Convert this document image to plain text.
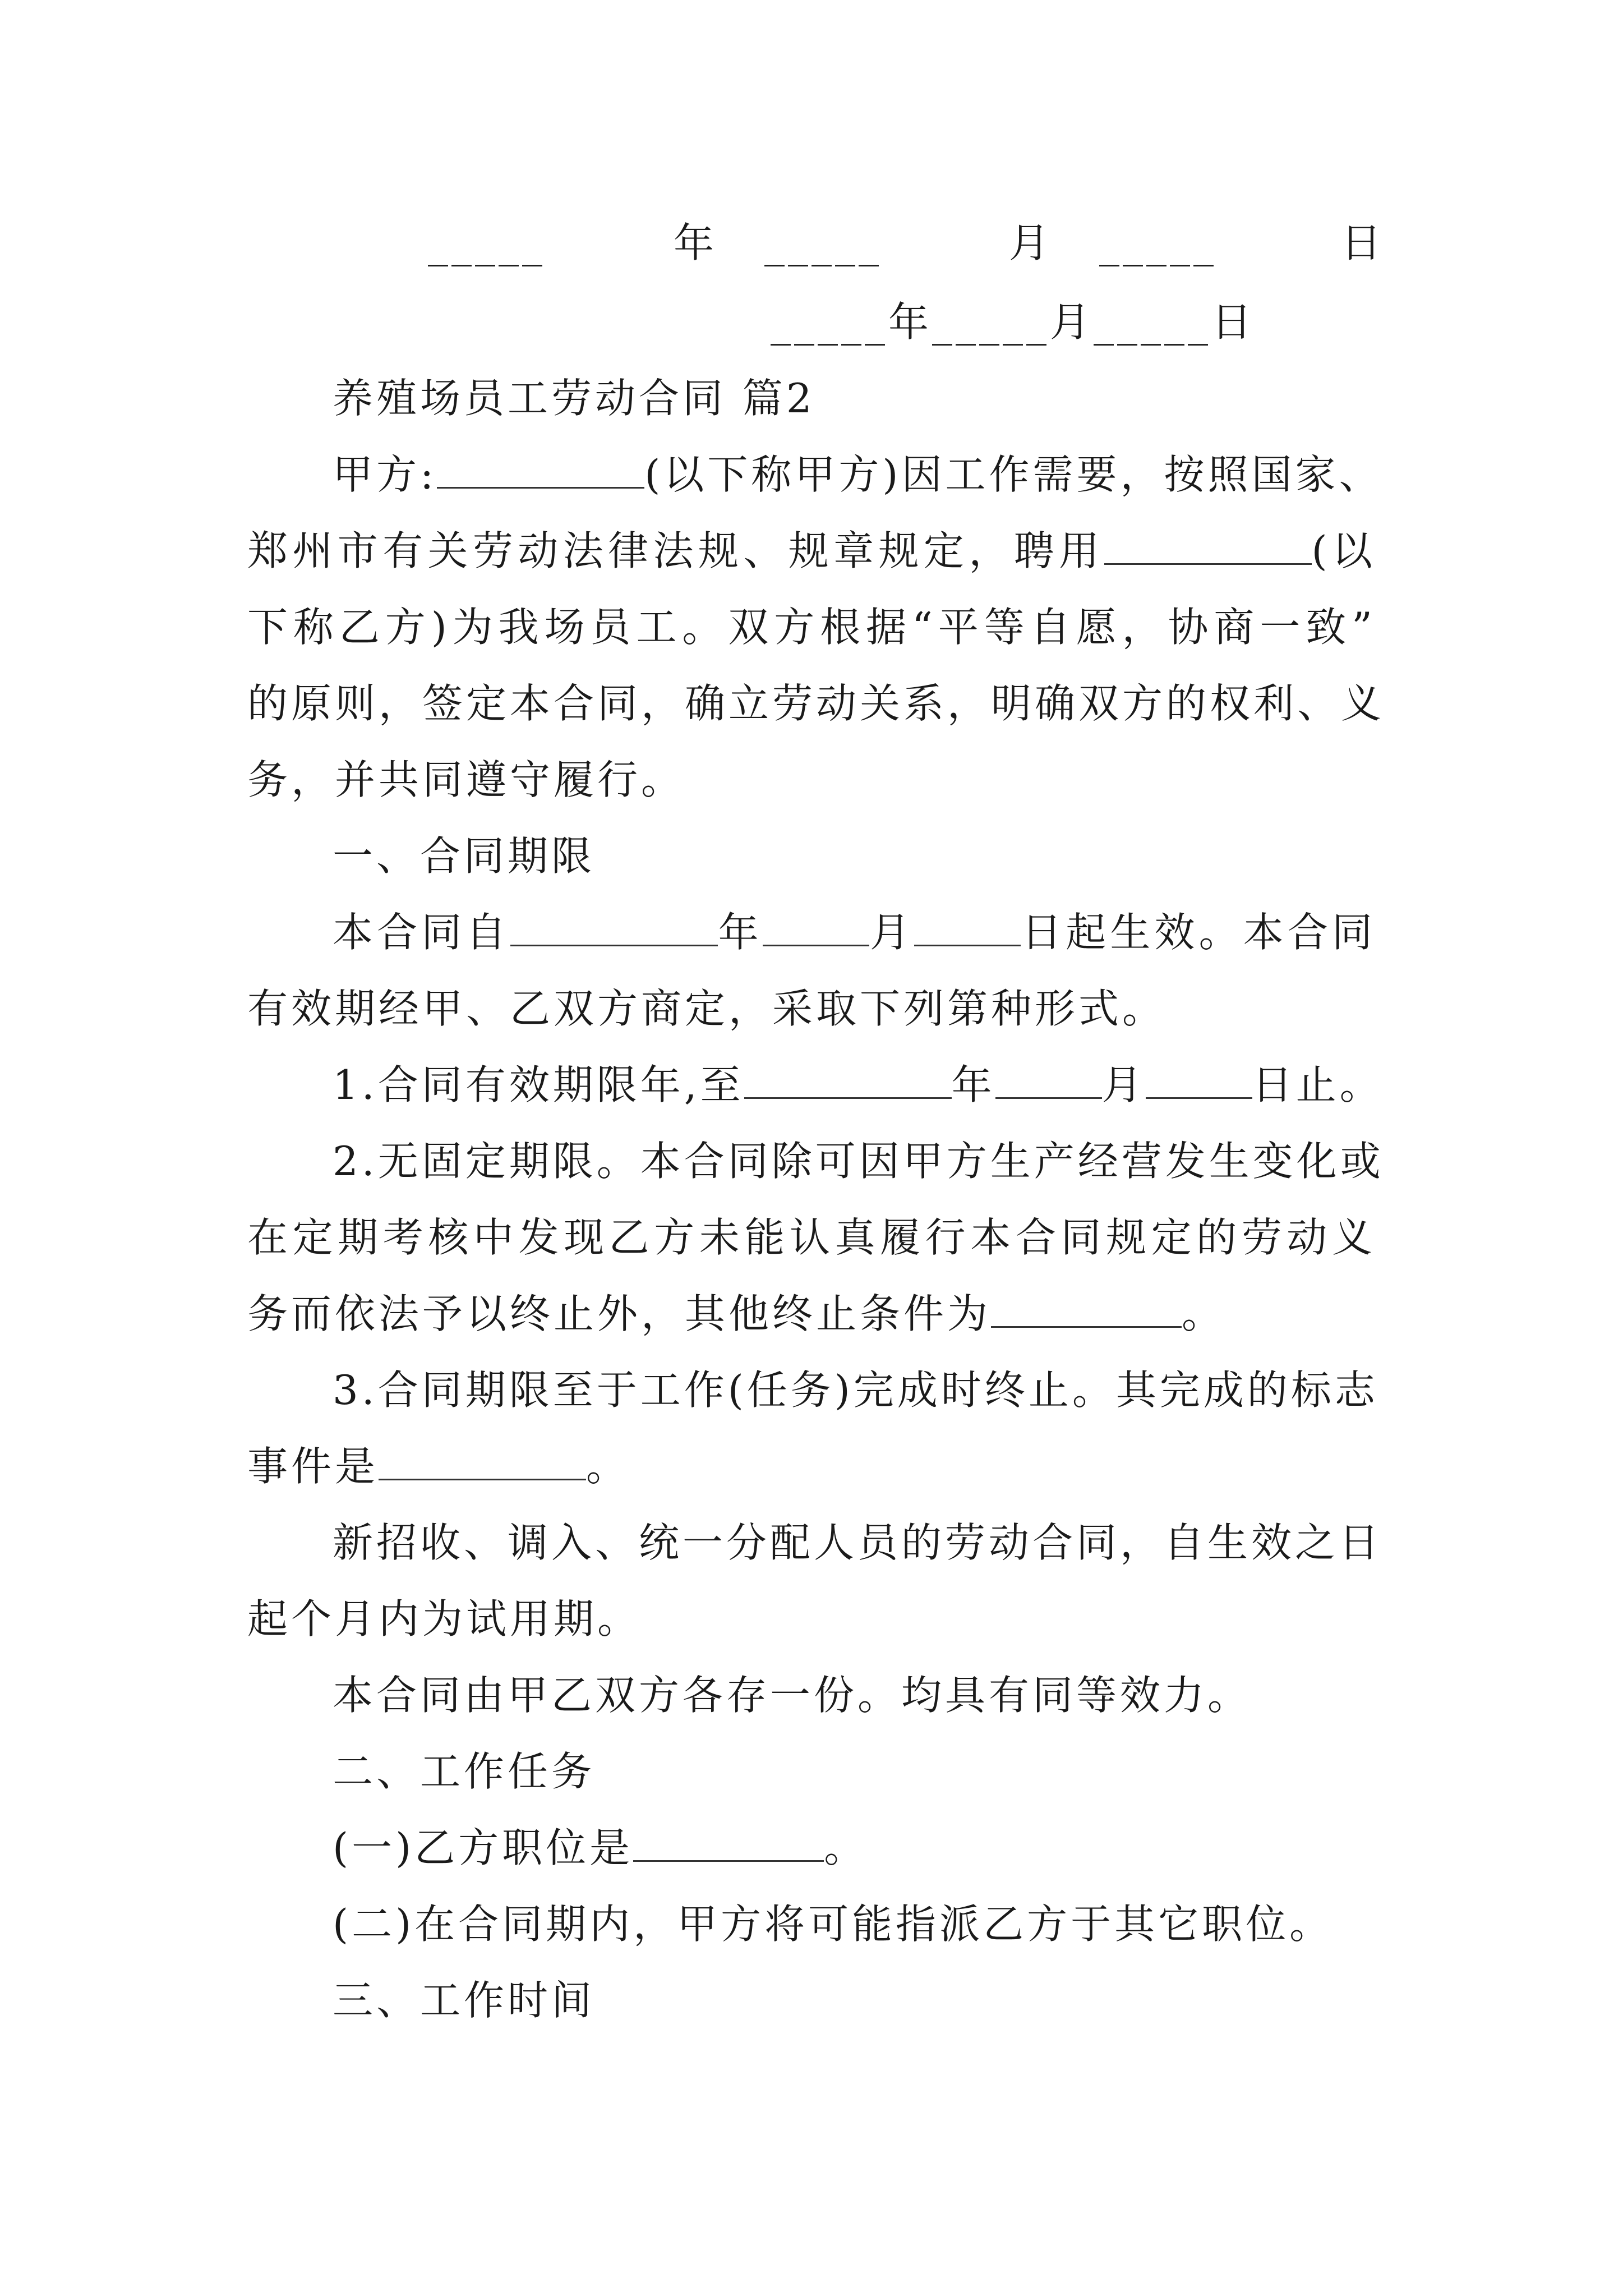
_____	年 _____	月 _____	日
_____年_____月_____日
养殖场员工劳动合同 篇2
甲方:	(以下称甲方)因工作需要，按照国家、
郑州市有关劳动法律法规、规章规定，聘用	(以
下称乙方)为我场员工。双方根据“平等自愿，协商一致”
的原则，签定本合同，确立劳动关系，明确双方的权利、义
务，并共同遵守履行。
一、合同期限
本合同自	年	月	日起生效。本合同
有效期经甲、乙双方商定，采取下列第种形式。
1.合同有效期限年,至	年	月	日止。
2.无固定期限。本合同除可因甲方生产经营发生变化或
在定期考核中发现乙方未能认真履行本合同规定的劳动义
务而依法予以终止外，其他终止条件为	。
3.合同期限至于工作(任务)完成时终止。其完成的标志
事件是	。
新招收、调入、统一分配人员的劳动合同，自生效之日
起个月内为试用期。
本合同由甲乙双方各存一份。均具有同等效力。
二、工作任务
(一)乙方职位是	。
(二)在合同期内，甲方将可能指派乙方于其它职位。
三、工作时间
